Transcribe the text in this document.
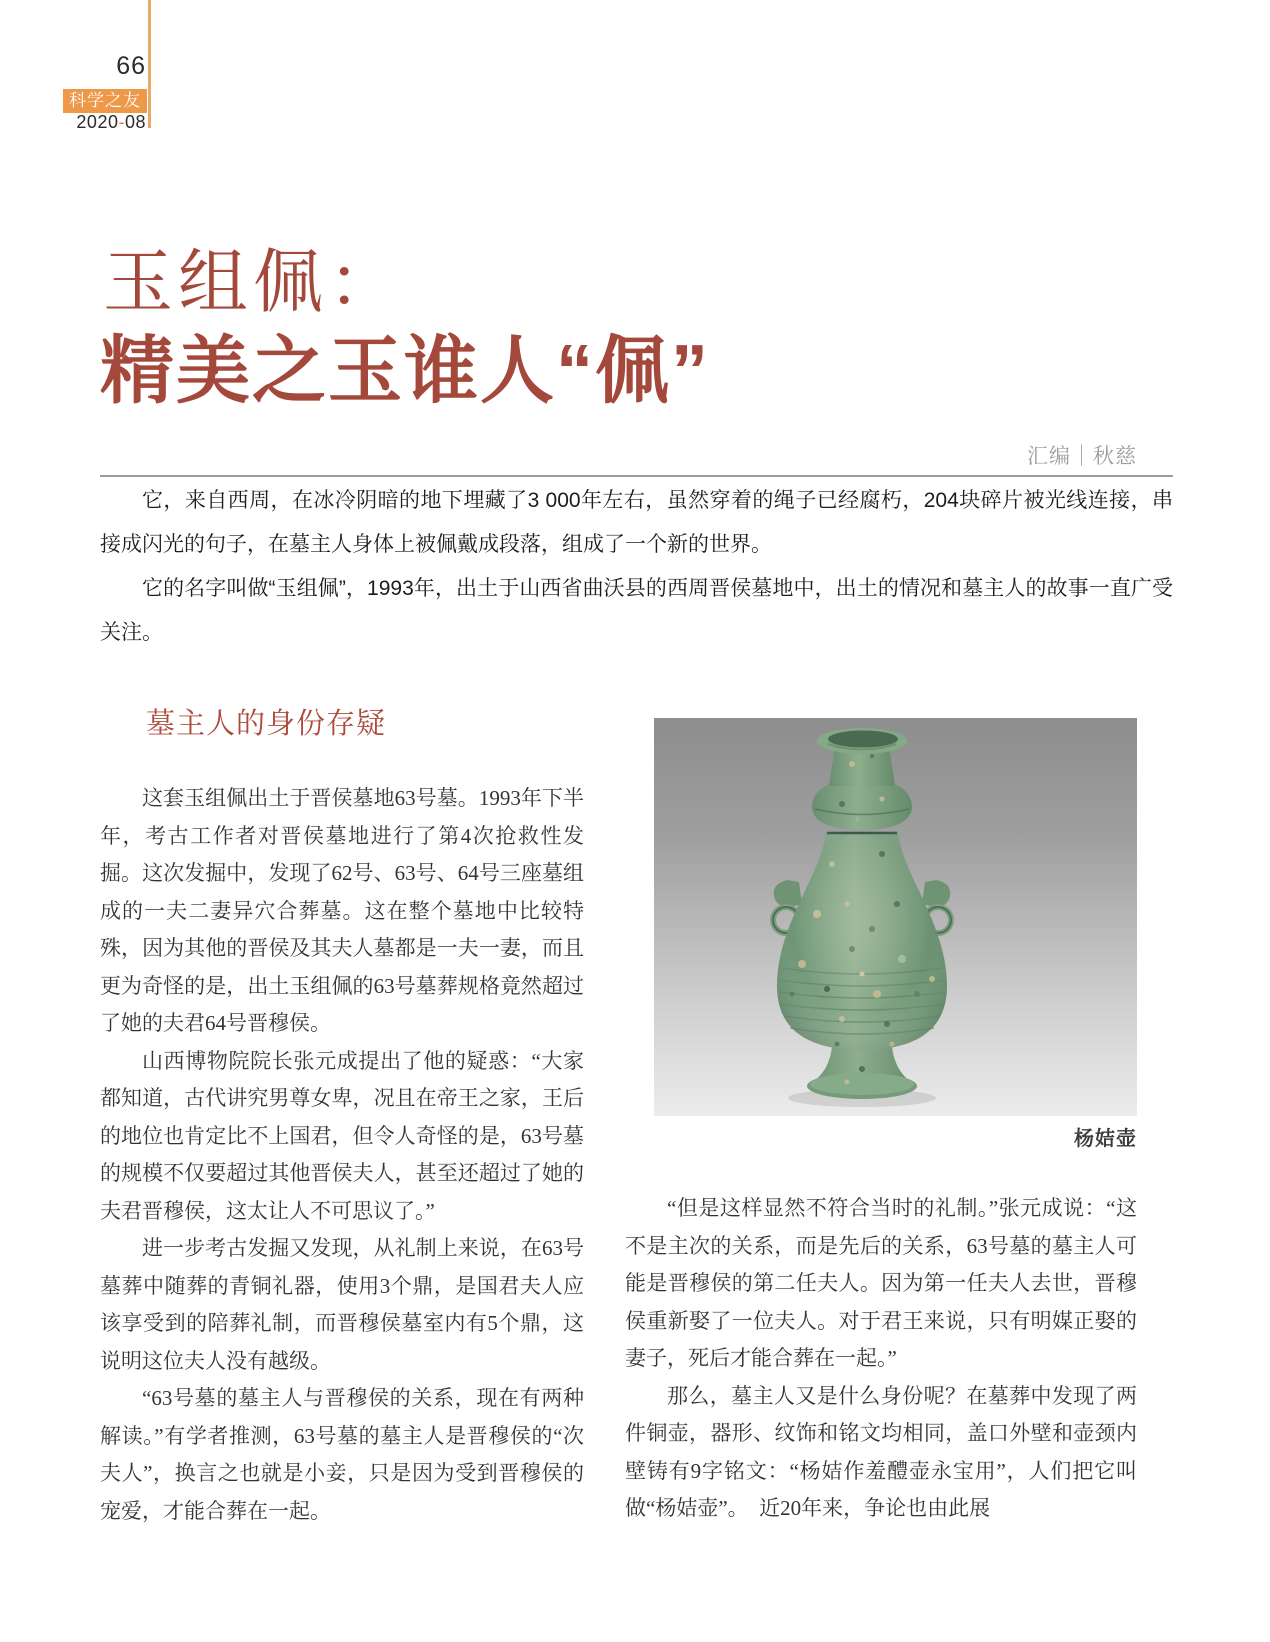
66
科学之友
2020-08
玉组佩：
精美之玉谁人“佩”
汇编｜秋慈

它，来自西周，在冰冷阴暗的地下埋藏了3 000年左右，虽然穿着的绳子已经腐朽，204块碎片被光线连接，串接成闪光的句子，在墓主人身体上被佩戴成段落，组成了一个新的世界。

它的名字叫做“玉组佩”，1993年，出土于山西省曲沃县的西周晋侯墓地中，出土的情况和墓主人的故事一直广受关注。

墓主人的身份存疑

这套玉组佩出土于晋侯墓地63号墓。1993年下半年，考古工作者对晋侯墓地进行了第4次抢救性发掘。这次发掘中，发现了62号、63号、64号三座墓组成的一夫二妻异穴合葬墓。这在整个墓地中比较特殊，因为其他的晋侯及其夫人墓都是一夫一妻，而且更为奇怪的是，出土玉组佩的63号墓葬规格竟然超过了她的夫君64号晋穆侯。

山西博物院院长张元成提出了他的疑惑：“大家都知道，古代讲究男尊女卑，况且在帝王之家，王后的地位也肯定比不上国君，但令人奇怪的是，63号墓的规模不仅要超过其他晋侯夫人，甚至还超过了她的夫君晋穆侯，这太让人不可思议了。”

进一步考古发掘又发现，从礼制上来说，在63号墓葬中随葬的青铜礼器，使用3个鼎，是国君夫人应该享受到的陪葬礼制，而晋穆侯墓室内有5个鼎，这说明这位夫人没有越级。

“63号墓的墓主人与晋穆侯的关系，现在有两种解读。”有学者推测，63号墓的墓主人是晋穆侯的“次夫人”，换言之也就是小妾，只是因为受到晋穆侯的宠爱，才能合葬在一起。

杨姞壶

“但是这样显然不符合当时的礼制。”张元成说：“这不是主次的关系，而是先后的关系，63号墓的墓主人可能是晋穆侯的第二任夫人。因为第一任夫人去世，晋穆侯重新娶了一位夫人。对于君王来说，只有明媒正娶的妻子，死后才能合葬在一起。”

那么，墓主人又是什么身份呢？在墓葬中发现了两件铜壶，器形、纹饰和铭文均相同，盖口外壁和壶颈内壁铸有9字铭文：“杨姞作羞醴壶永宝用”，人们把它叫做“杨姞壶”。　近20年来，争论也由此展
